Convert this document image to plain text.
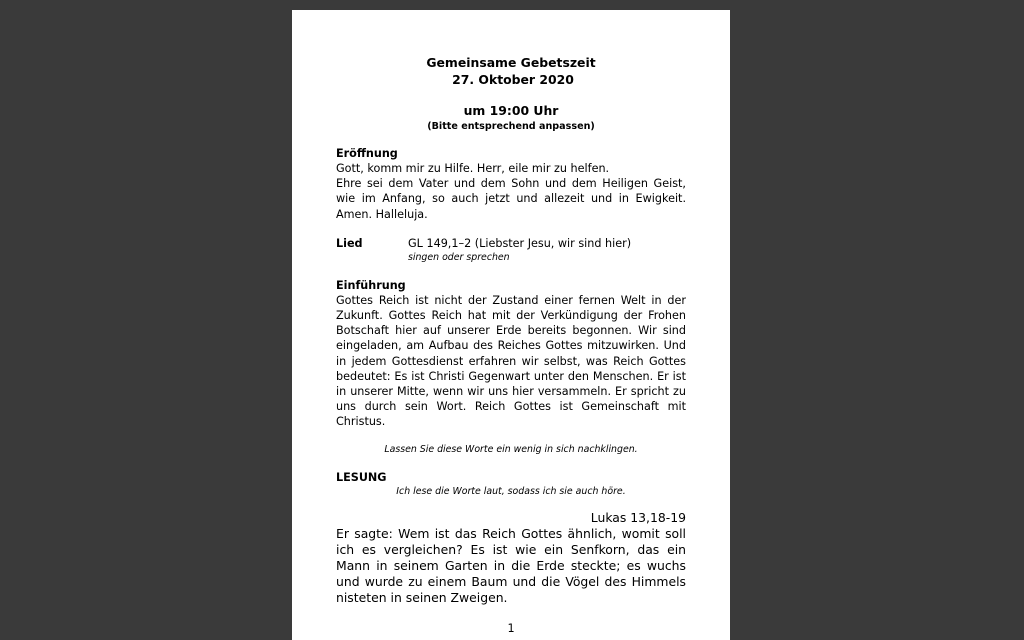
Gemeinsame Gebetszeit
27. Oktober 2020
um 19:00 Uhr
(Bitte entsprechend anpassen)
Eröffnung

Gott, komm mir zu Hilfe. Herr, eile mir zu helfen.

Ehre sei dem Vater und dem Sohn und dem Heiligen Geist, wie im Anfang, so auch jetzt und allezeit und in Ewigkeit. Amen. Halleluja.

Lied	GL 149,1–2 (Liebster Jesu, wir sind hier)
singen oder sprechen
Einführung

Gottes Reich ist nicht der Zustand einer fernen Welt in der Zukunft. Gottes Reich hat mit der Verkündigung der Frohen Botschaft hier auf unserer Erde bereits begonnen. Wir sind eingeladen, am Aufbau des Reiches Gottes mitzuwirken. Und in jedem Gottesdienst erfahren wir selbst, was Reich Gottes bedeutet: Es ist Christi Gegenwart unter den Menschen. Er ist in unserer Mitte, wenn wir uns hier versammeln. Er spricht zu uns durch sein Wort. Reich Gottes ist Gemeinschaft mit Christus.

Lassen Sie diese Worte ein wenig in sich nachklingen.
LESUNG
Ich lese die Worte laut, sodass ich sie auch höre.
Lukas 13,18-19

Er sagte: Wem ist das Reich Gottes ähnlich, womit soll ich es vergleichen? Es ist wie ein Senfkorn, das ein Mann in seinem Garten in die Erde steckte; es wuchs und wurde zu einem Baum und die Vögel des Himmels nisteten in seinen Zweigen.

1
